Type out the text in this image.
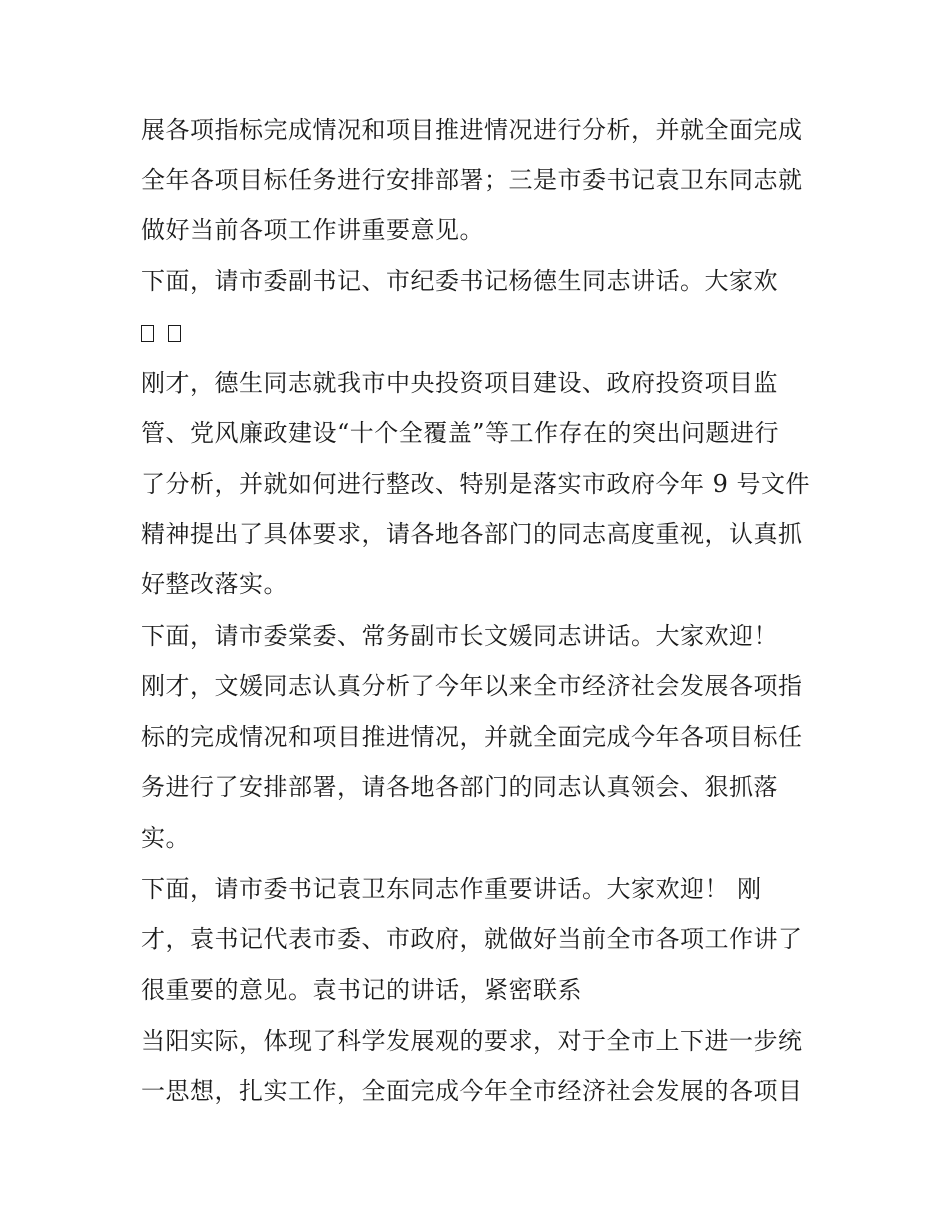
展各项指标完成情况和项目推进情况进行分析，并就全面完成
全年各项目标任务进行安排部署；三是市委书记袁卫东同志就
做好当前各项工作讲重要意见。
下面，请市委副书记、市纪委书记杨德生同志讲话。大家欢
刚才，德生同志就我市中央投资项目建设、政府投资项目监
管、党风廉政建设“十个全覆盖”等工作存在的突出问题进行
了分析，并就如何进行整改、特别是落实市政府今年 9 号文件
精神提出了具体要求，请各地各部门的同志高度重视，认真抓
好整改落实。
下面，请市委棠委、常务副市长文媛同志讲话。大家欢迎！
刚才，文媛同志认真分析了今年以来全市经济社会发展各项指
标的完成情况和项目推进情况，并就全面完成今年各项目标任
务进行了安排部署，请各地各部门的同志认真领会、狠抓落
实。
下面，请市委书记袁卫东同志作重要讲话。大家欢迎！ 刚
才，袁书记代表市委、市政府，就做好当前全市各项工作讲了
很重要的意见。袁书记的讲话，紧密联系
当阳实际，体现了科学发展观的要求，对于全市上下进一步统
一思想，扎实工作，全面完成今年全市经济社会发展的各项目
